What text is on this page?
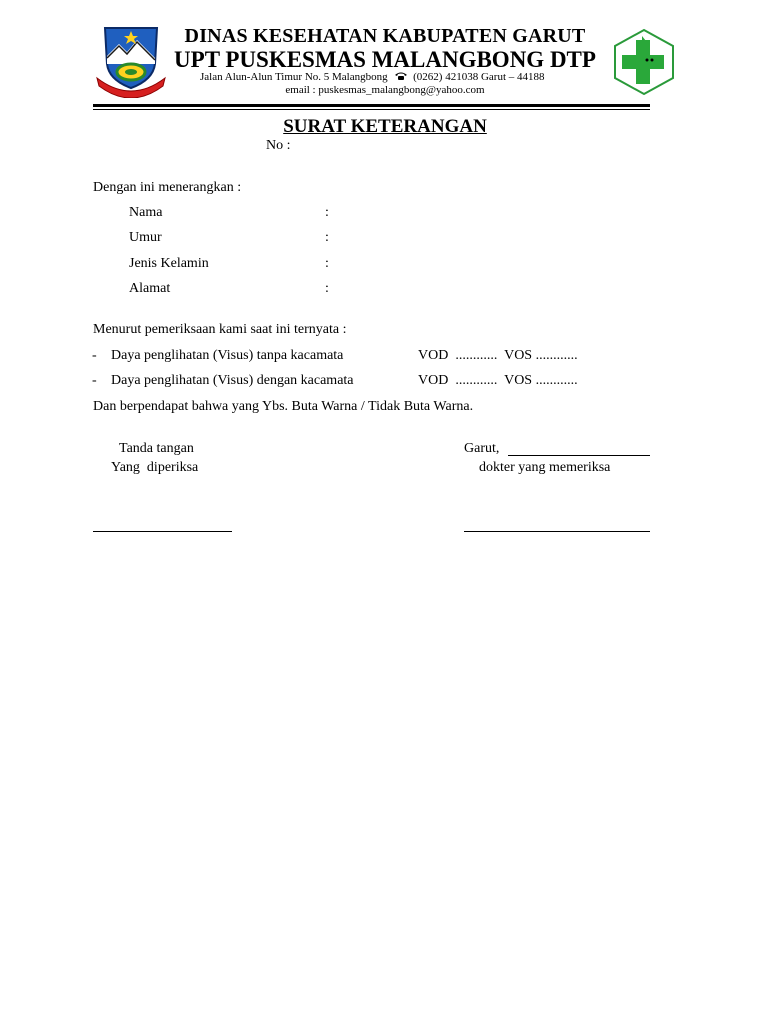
DINAS KESEHATAN KABUPATEN GARUT
UPT PUSKESMAS MALANGBONG DTP
Jalan Alun-Alun Timur No. 5 Malangbong (0262) 421038 Garut – 44188
email : puskesmas_malangbong@yahoo.com
SURAT KETERANGAN
No :
Dengan ini menerangkan :
Nama	:
Umur	:
Jenis Kelamin	:
Alamat	:
Menurut pemeriksaan kami saat ini ternyata :
- Daya penglihatan (Visus) tanpa kacamata	VOD  ............  VOS ............
- Daya penglihatan (Visus) dengan kacamata	VOD  ............  VOS ............
Dan berpendapat bahwa yang Ybs. Buta Warna / Tidak Buta Warna.
Tanda tangan
Yang  diperiksa
Garut,
dokter yang memeriksa
